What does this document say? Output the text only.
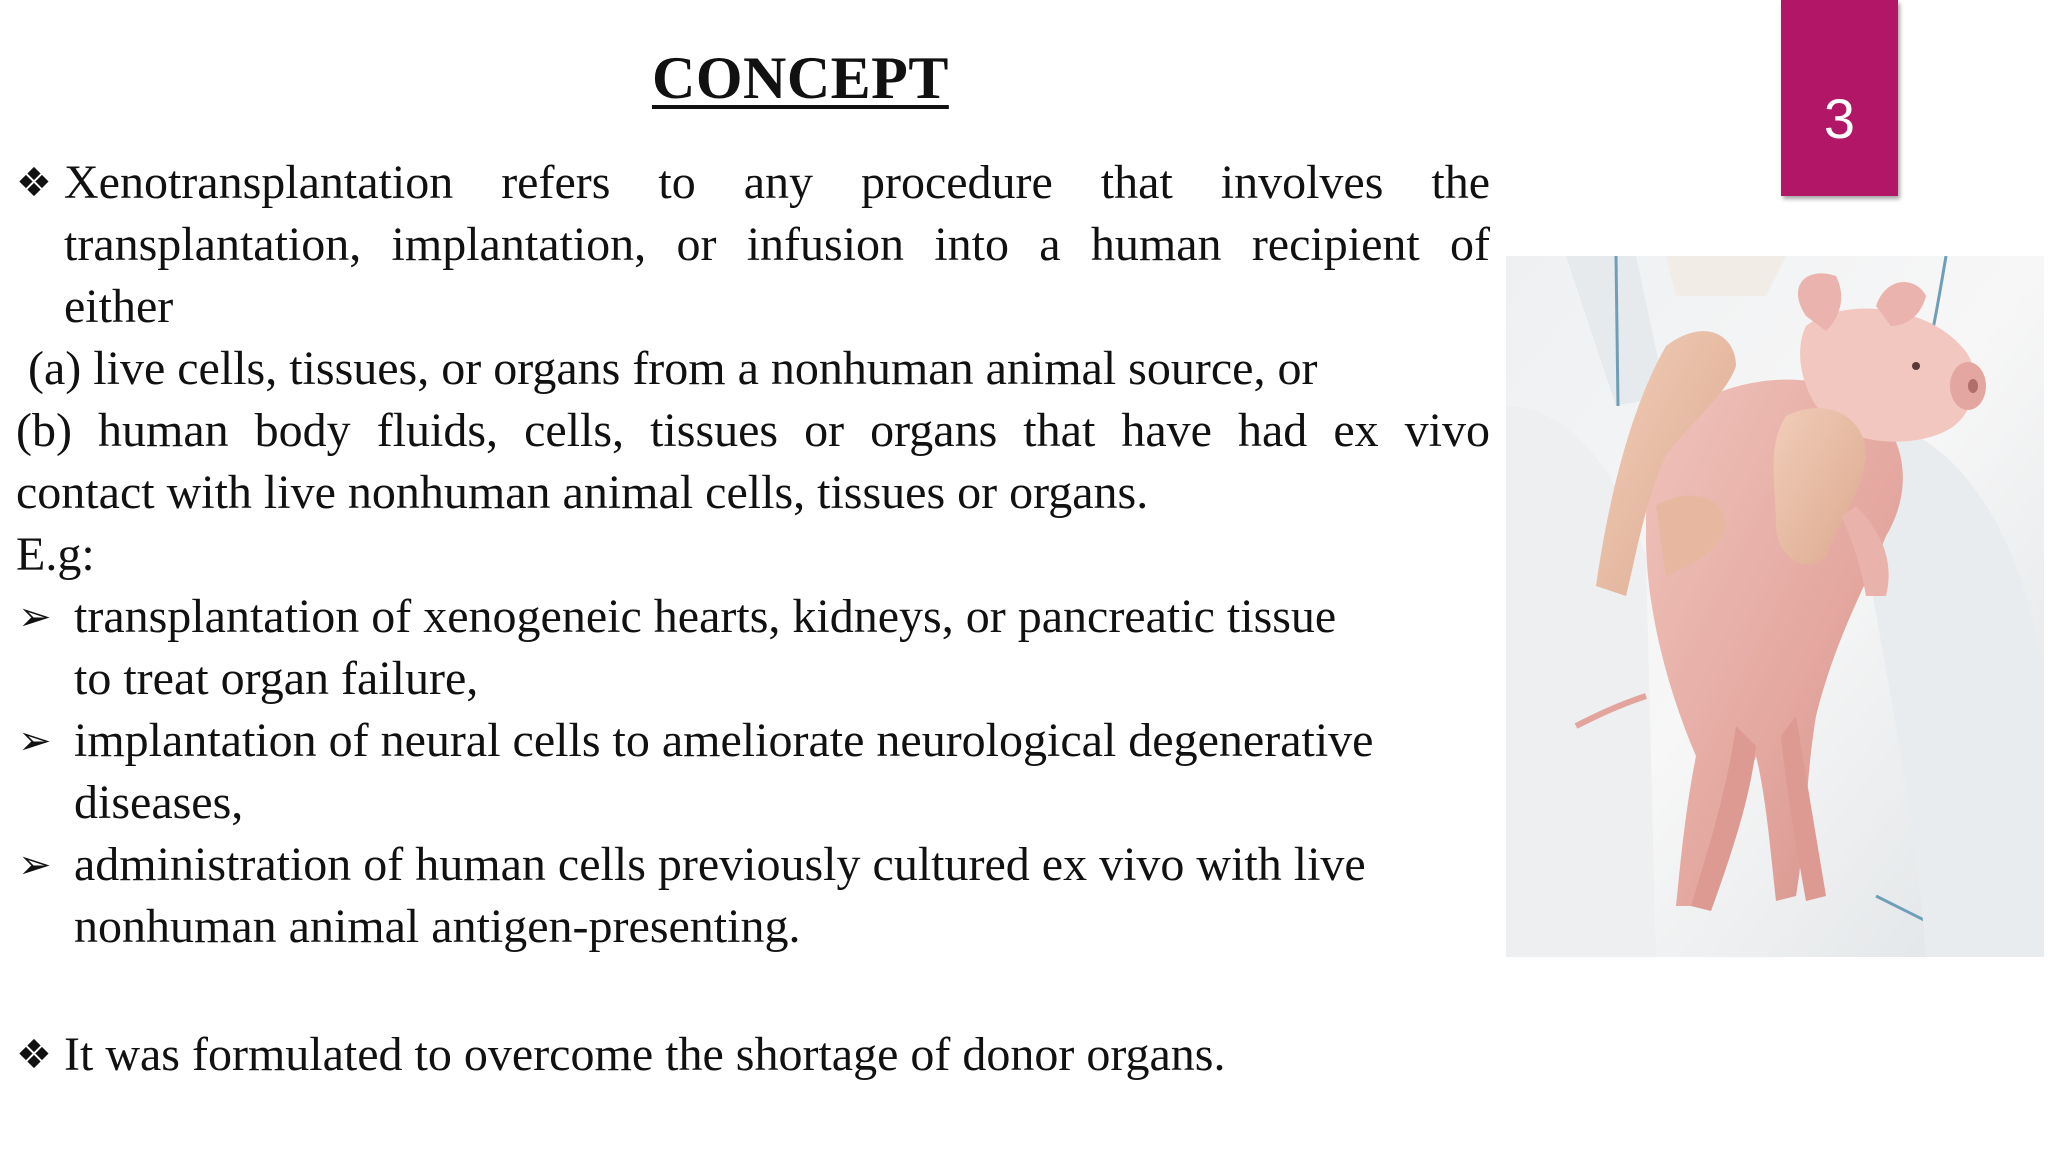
CONCEPT
3
❖ Xenotransplantation refers to any procedure that involves the
transplantation, implantation, or infusion into a human recipient of
either
(a) live cells, tissues, or organs from a nonhuman animal source, or
(b) human body fluids, cells, tissues or organs that have had ex vivo
contact with live nonhuman animal cells, tissues or organs.
E.g:
➢ transplantation of xenogeneic hearts, kidneys, or pancreatic tissue
to treat organ failure,
➢ implantation of neural cells to ameliorate neurological degenerative
diseases,
➢ administration of human cells previously cultured ex vivo with live
nonhuman animal antigen-presenting.
❖ It was formulated to overcome the shortage of donor organs.
